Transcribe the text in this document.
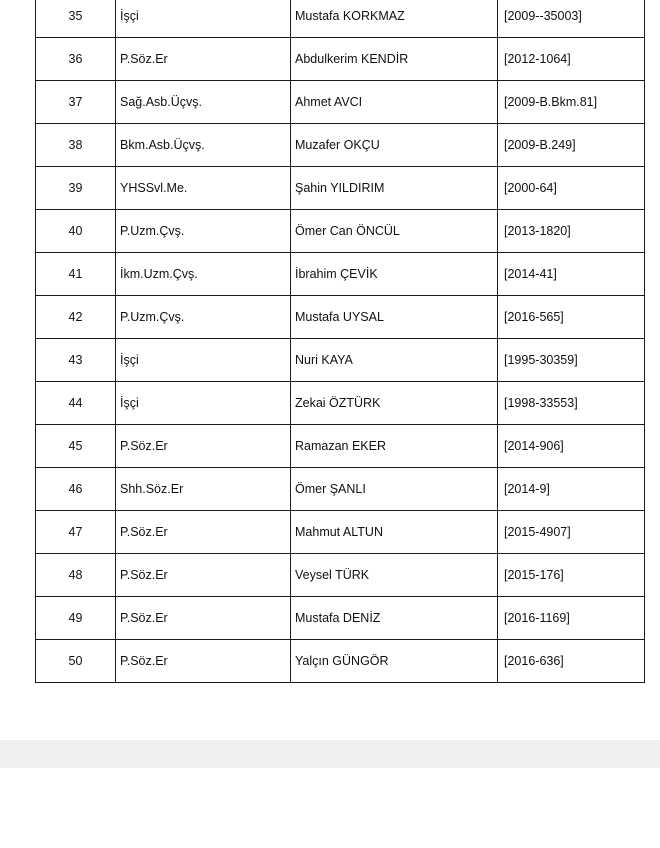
35	İşçi	Mustafa KORKMAZ	[2009--35003]
36	P.Söz.Er	Abdulkerim KENDİR	[2012-1064]
37	Sağ.Asb.Üçvş.	Ahmet AVCI	[2009-B.Bkm.81]
38	Bkm.Asb.Üçvş.	Muzafer OKÇU	[2009-B.249]
39	YHSSvl.Me.	Şahin YILDIRIM	[2000-64]
40	P.Uzm.Çvş.	Ömer Can ÖNCÜL	[2013-1820]
41	İkm.Uzm.Çvş.	İbrahim ÇEVİK	[2014-41]
42	P.Uzm.Çvş.	Mustafa UYSAL	[2016-565]
43	İşçi	Nuri KAYA	[1995-30359]
44	İşçi	Zekai ÖZTÜRK	[1998-33553]
45	P.Söz.Er	Ramazan EKER	[2014-906]
46	Shh.Söz.Er	Ömer ŞANLI	[2014-9]
47	P.Söz.Er	Mahmut ALTUN	[2015-4907]
48	P.Söz.Er	Veysel TÜRK	[2015-176]
49	P.Söz.Er	Mustafa DENİZ	[2016-1169]
50	P.Söz.Er	Yalçın GÜNGÖR	[2016-636]
